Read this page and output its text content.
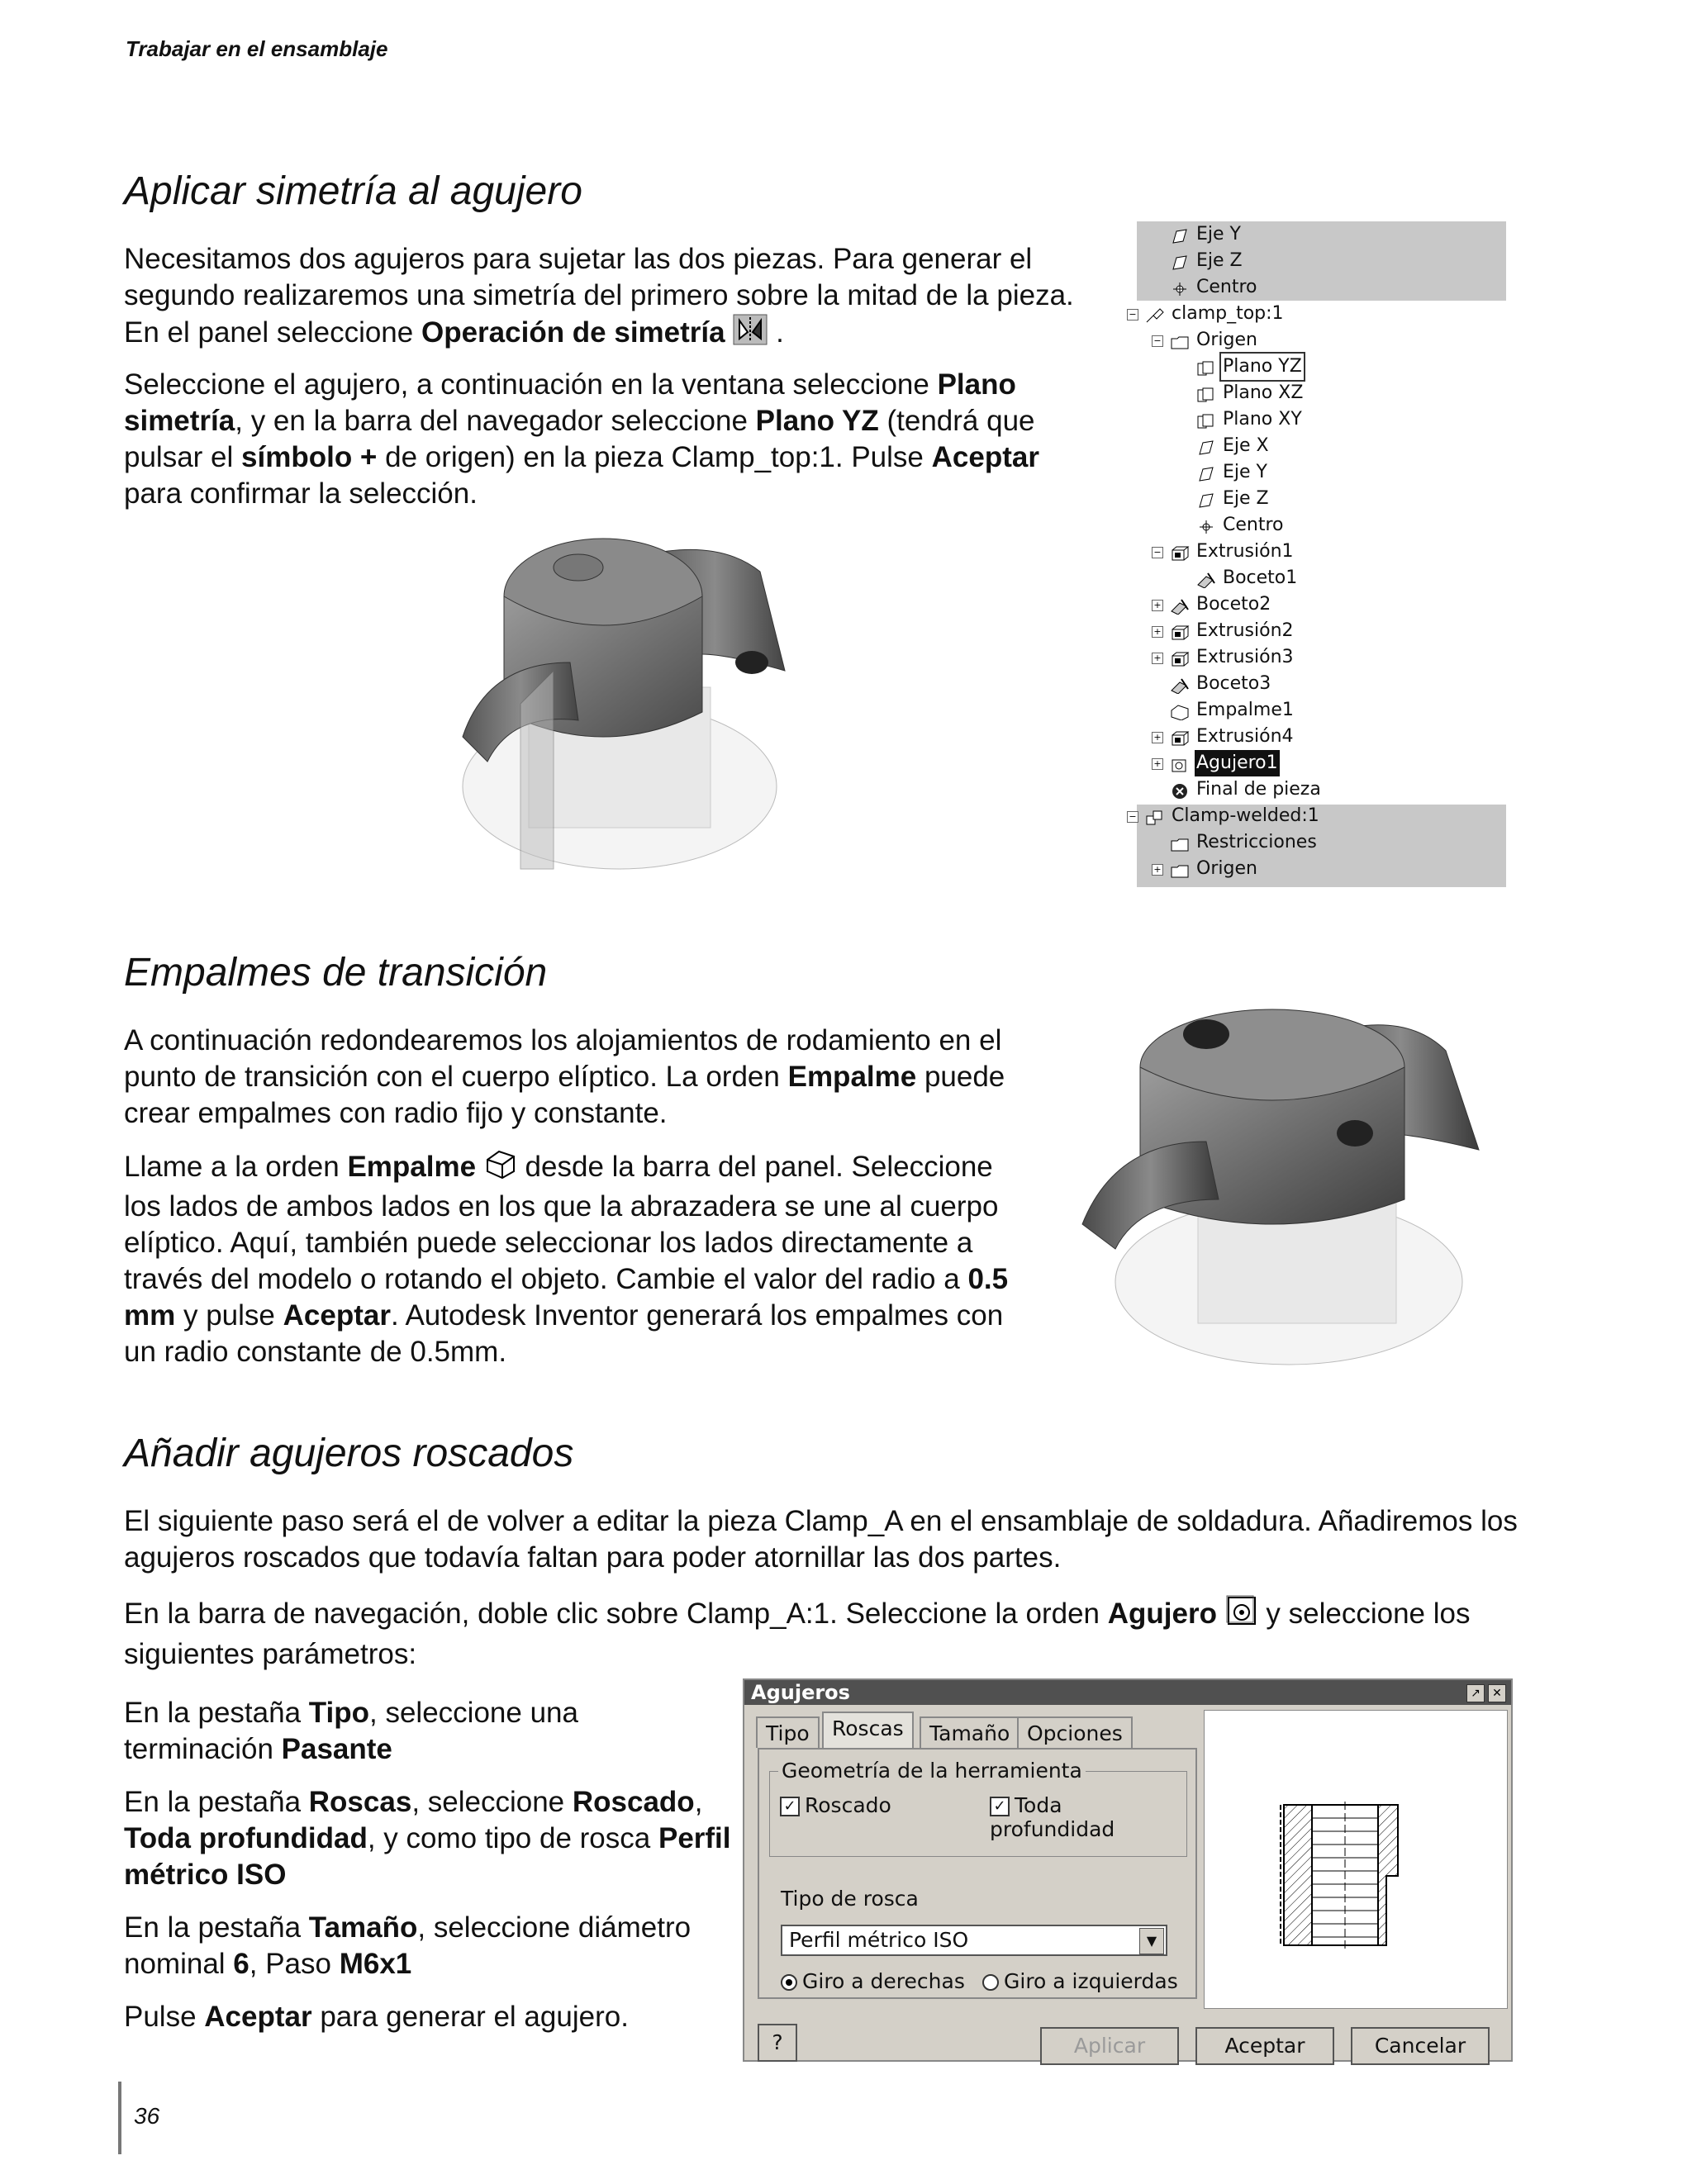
Trabajar en el ensamblaje
Aplicar simetría al agujero

Necesitamos dos agujeros para sujetar las dos piezas. Para generar el segundo realizaremos una simetría del primero sobre la mitad de la pieza. En el panel seleccione Operación de simetría  .

Seleccione el agujero, a continuación en la ventana seleccione Plano simetría, y en la barra del navegador seleccione Plano YZ (tendrá que pulsar el símbolo + de origen) en la pieza Clamp_top:1. Pulse Aceptar para confirmar la selección.

Eje Y
Eje Z
Centro
clamp_top:1
−
Origen
−
Plano YZ
Plano XZ
Plano XY
Eje X
Eje Y
Eje Z
Centro
Extrusión1
−
Boceto1
Boceto2
+
Extrusión2
+
Extrusión3
+
Boceto3
Empalme1
Extrusión4
+
Agujero1
+
Final de pieza
Clamp-welded:1
−
Restricciones
Origen
+
Empalmes de transición

A continuación redondearemos los alojamientos de rodamiento en el punto de transición con el cuerpo elíptico. La orden Empalme puede crear empalmes con radio fijo y constante.

Llame a la orden Empalme  desde la barra del panel. Seleccione los lados de ambos lados en los que la abrazadera se une al cuerpo elíptico. Aquí, también puede seleccionar los lados directamente a través del modelo o rotando el objeto. Cambie el valor del radio a 0.5 mm y pulse Aceptar. Autodesk Inventor generará los empalmes con un radio constante de 0.5mm.

Añadir agujeros roscados

El siguiente paso será el de volver a editar la pieza Clamp_A en el ensamblaje de soldadura. Añadiremos los agujeros roscados que todavía faltan para poder atornillar las dos partes.

En la barra de navegación, doble clic sobre Clamp_A:1. Seleccione la orden Agujero  y seleccione los siguientes parámetros:

En la pestaña Tipo, seleccione una terminación Pasante

En la pestaña Roscas, seleccione Roscado, Toda profundidad, y como tipo de rosca Perfil métrico ISO

En la pestaña Tamaño, seleccione diámetro nominal 6, Paso M6x1

Pulse Aceptar para generar el agujero.

Agujeros	↗	✕
Tipo	Roscas	Tamaño Opciones
Geometría de la herramienta
✓ Roscado	✓ Toda profundidad
Tipo de rosca
Perfil métrico ISO	▼
Giro a derechas	Giro a izquierdas
?	Aplicar	Aceptar	Cancelar
36
